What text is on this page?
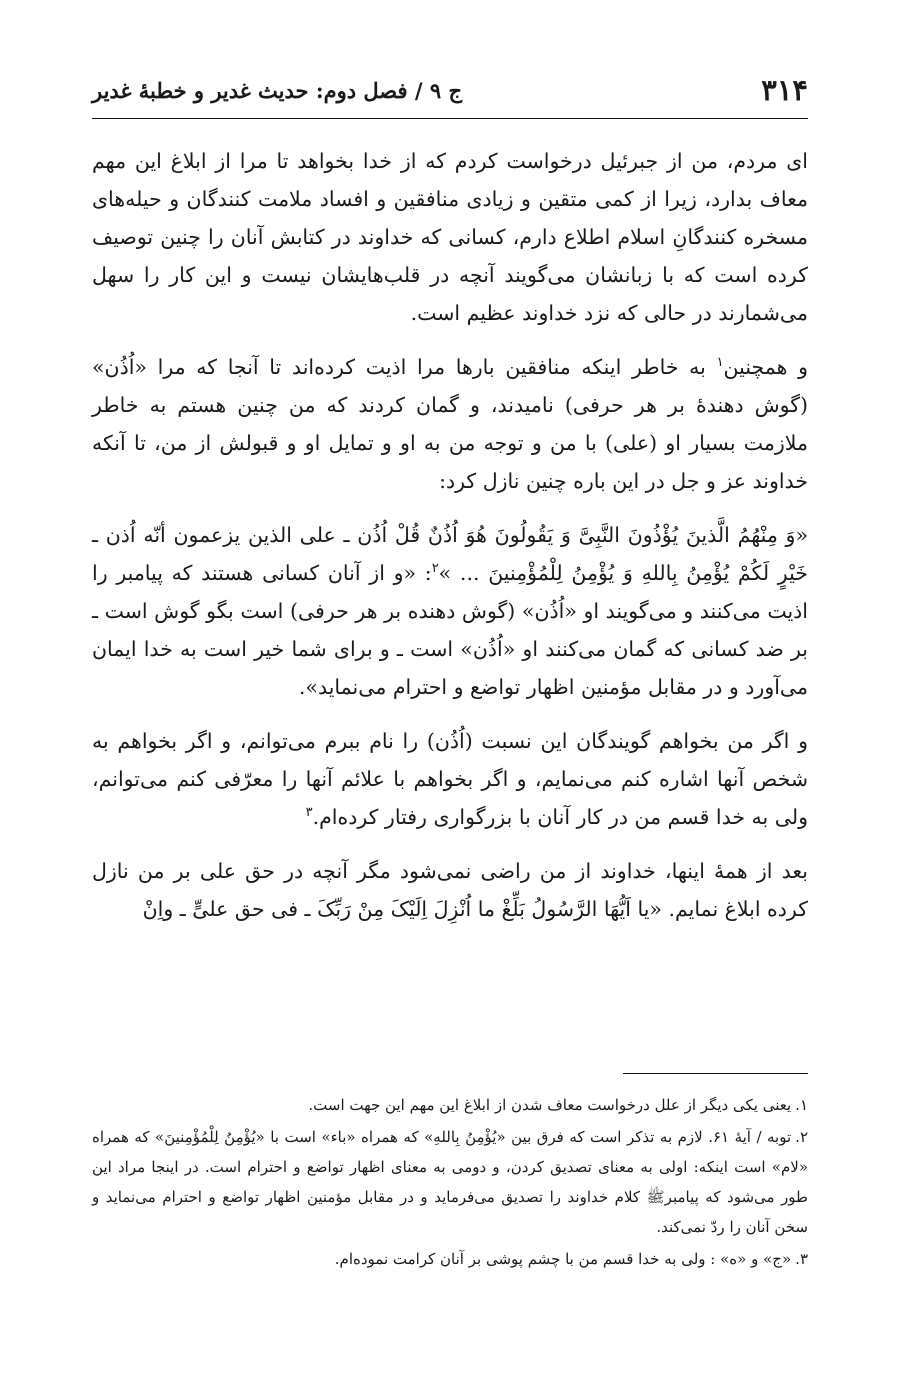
۳۱۴
ج ۹ / فصل دوم: حدیث غدیر و خطبهٔ غدیر

ای مردم، من از جبرئیل درخواست کردم که از خدا بخواهد تا مرا از ابلاغ این مهم معاف بدارد، زیرا از کمی متقین و زیادی منافقین و افساد ملامت کنندگان و حیله‌های مسخره کنندگانِ اسلام اطلاع دارم، کسانی که خداوند در کتابش آنان را چنین توصیف کرده است که با زبانشان می‌گویند آنچه در قلب‌هایشان نیست و این کار را سهل می‌شمارند در حالی که نزد خداوند عظیم است.

و همچنین$^۱$ به خاطر اینکه منافقین بارها مرا اذیت کرده‌اند تا آنجا که مرا «اُذُن» (گوش دهندهٔ بر هر حرفی) نامیدند، و گمان کردند که من چنین هستم به خاطر ملازمت بسیار او (علی) با من و توجه من به او و تمایل او و قبولش از من، تا آنکه خداوند عز و جل در این باره چنین نازل کرد:

«وَ مِنْهُمُ الَّذینَ یُؤْذُونَ النَّبِیَّ وَ یَقُولُونَ هُوَ اُذُنٌ قُلْ اُذُن ـ علی الذین یزعمون أنّه اُذن ـ خَیْرٍ لَکُمْ یُؤْمِنُ بِاللهِ وَ یُؤْمِنُ لِلْمُؤْمِنینَ ... »$^۲$: «و از آنان کسانی هستند که پیامبر را اذیت می‌کنند و می‌گویند او «اُذُن» (گوش دهنده بر هر حرفی) است بگو گوش است ـ بر ضد کسانی که گمان می‌کنند او «اُذُن» است ـ و برای شما خیر است به خدا ایمان می‌آورد و در مقابل مؤمنین اظهار تواضع و احترام می‌نماید».

و اگر من بخواهم گویندگان این نسبت (اُذُن) را نام ببرم می‌توانم، و اگر بخواهم به شخص آنها اشاره کنم می‌نمایم، و اگر بخواهم با علائم آنها را معرّفی کنم می‌توانم، ولی به خدا قسم من در کار آنان با بزرگواری رفتار کرده‌ام.$^۳$

بعد از همهٔ اینها، خداوند از من راضی نمی‌شود مگر آنچه در حق علی بر من نازل کرده ابلاغ نمایم. «یا اَیُّهَا الرَّسُولُ بَلِّغْ ما اُنْزِلَ اِلَیْکَ مِنْ رَبِّکَ ـ فی حق علیٍّ ـ واِنْ

۱.یعنی یکی دیگر از علل درخواست معاف شدن از ابلاغ این مهم این جهت است.

۲.توبه / آیهٔ ۶۱. لازم به تذکر است که فرق بین «یُؤْمِنُ بِاللهِ» که همراه «باء» است با «یُؤْمِنُ لِلْمُؤْمِنینَ» که همراه «لام» است اینکه: اولی به معنای تصدیق کردن، و دومی به معنای اظهار تواضع و احترام است. در اینجا مراد این طور می‌شود که پیامبرﷺ کلام خداوند را تصدیق می‌فرماید و در مقابل مؤمنین اظهار تواضع و احترام می‌نماید و سخن آنان را ردّ نمی‌کند.

۳.«ج» و «ه» : ولی به خدا قسم من با چشم پوشی بر آنان کرامت نموده‌ام.
